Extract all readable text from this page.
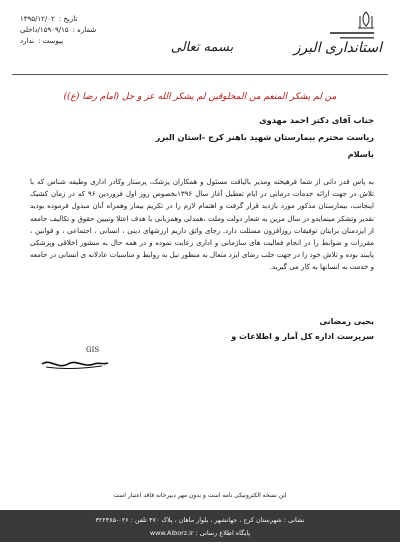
تاریخ :
۱۳۹۵/۱۲/۰۲
شماره :
۱۵۹۰۹/۱۵/داخلی
پیوست :
ندارد	بسمه تعالی	استانداری البرز
من لم یشکر المنعم من المخلوقین لم یشکر الله عز و جل (امام رضا (ع))
جناب آقای دکتر احمد مهدوی
ریاست محترم بیمارستان شهید باهنر کرج -استان البرز
باسلام
به پاس قدر دانی از شما فرهیخته ومدیر بالیاقت مسئول و همکاران پزشک، پرستار وکادر اداری وظیفه شناس که با تلاش در جهت ارائه خدمات درمانی در ایام تعطیل آغاز سال ۱۳۹۶بخصوص روز اول فروردین ۹۶ که در زمان کشیک اینجانب، بیمارستان مذکور مورد بازدید قرار گرفت و اهتمام لازم را در تکریم بیمار وهمراه آنان مبذول فرموده بودید تقدیر وتشکر مینمایدو در سال مزین به شعار دولت وملت ،همدلی وهمزبانی با هدف اعتلا وتبیین حقوق و تکالیف جامعه از ایزدمنان برایتان توفیقات روزافزون مسئلت دارد. رجای واثق داریم ارزشهای دینی ، انسانی ، اجتماعی ، و قوانین ، مقررات و ضوابط را در انجام فعالیت های سازمانی و اداری رعایت نموده و در همه حال به منشور اخلاقی وپزشکی پایبند بوده و تلاش خود را در جهت جلب رضای ایزد متعال به منظور نیل به روابط و مناسبات عادلانه ی انسانی در جامعه و خدمت به انسانها به کار می گیرید.
یحیی رمضانی
سرپرست اداره کل آمار و اطلاعات و
GIS
این نسخه الکترونیکی نامه است و بدون مهر دبیرخانه فاقد اعتبار است
نشانی : شهرستان کرج ، جهانشهر ، بلوار ماهان ، پلاک ۴۷۰ تلفن : ۰۲۶-۳۲۲۳۸۵
پایگاه اطلاع رسانی : www.Alborz.ir
